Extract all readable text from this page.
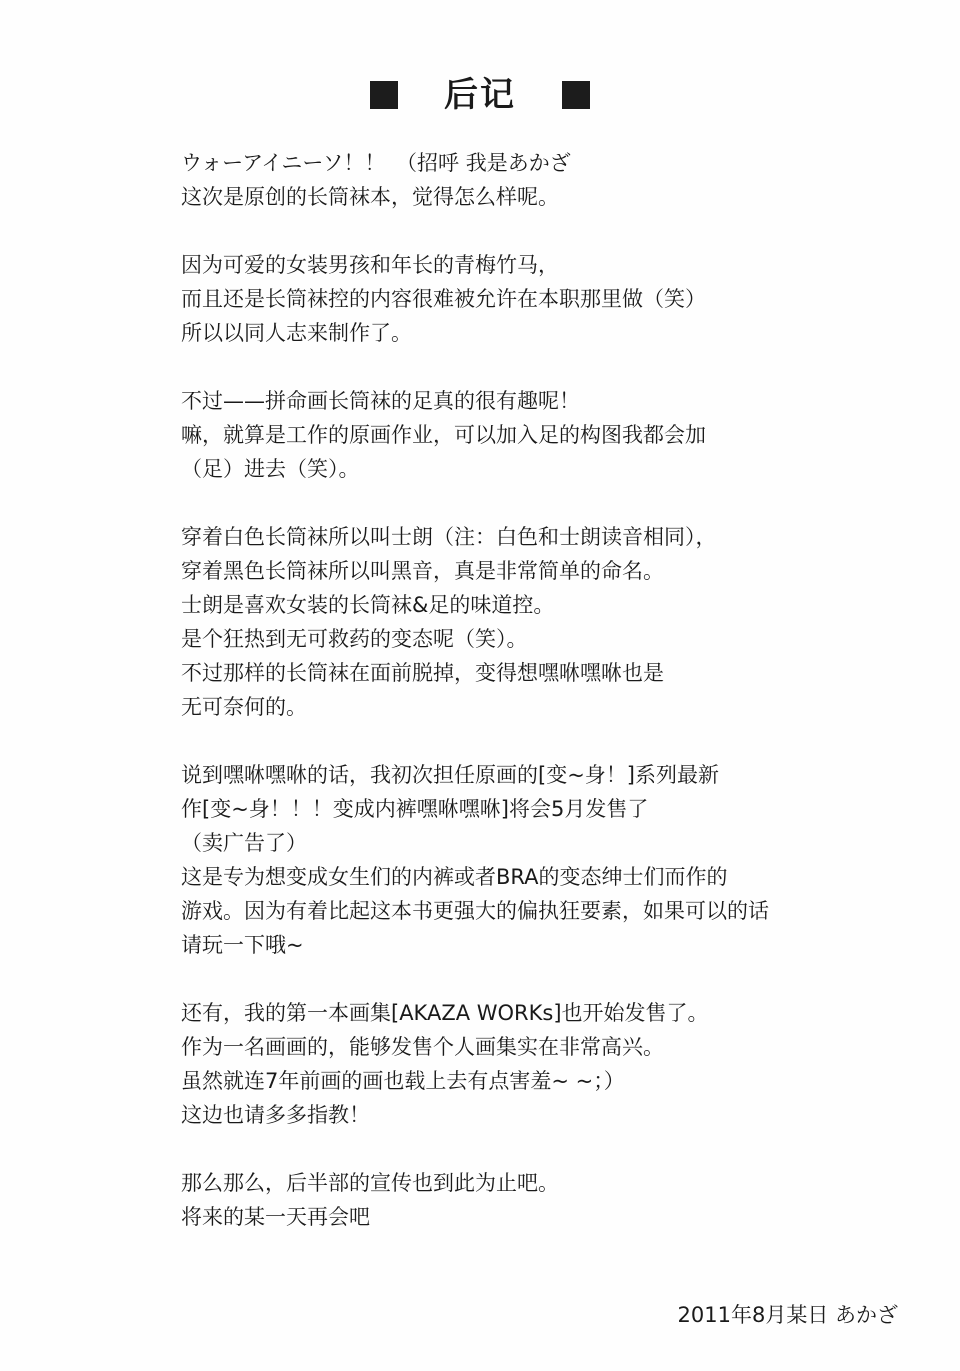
后记
ウォーアイニーソ！！　（招呼 我是あかざ
这次是原创的长筒袜本，觉得怎么样呢。
因为可爱的女装男孩和年长的青梅竹马，
而且还是长筒袜控的内容很难被允许在本职那里做（笑）
所以以同人志来制作了。
不过——拼命画长筒袜的足真的很有趣呢！
嘛，就算是工作的原画作业，可以加入足的构图我都会加
（足）进去（笑）。
穿着白色长筒袜所以叫士朗（注：白色和士朗读音相同），
穿着黑色长筒袜所以叫黑音，真是非常简单的命名。
士朗是喜欢女装的长筒袜&足的味道控。
是个狂热到无可救药的变态呢（笑）。
不过那样的长筒袜在面前脱掉，变得想嘿咻嘿咻也是
无可奈何的。
说到嘿咻嘿咻的话，我初次担任原画的[变~身！]系列最新
作[变~身！！！变成内裤嘿咻嘿咻]将会5月发售了
（卖广告了）
这是专为想变成女生们的内裤或者BRA的变态绅士们而作的
游戏。因为有着比起这本书更强大的偏执狂要素，如果可以的话
请玩一下哦~
还有，我的第一本画集[AKAZA WORKs]也开始发售了。
作为一名画画的，能够发售个人画集实在非常高兴。
虽然就连7年前画的画也载上去有点害羞~ ~；）
这边也请多多指教！
那么那么，后半部的宣传也到此为止吧。
将来的某一天再会吧
2011年8月某日 あかざ
